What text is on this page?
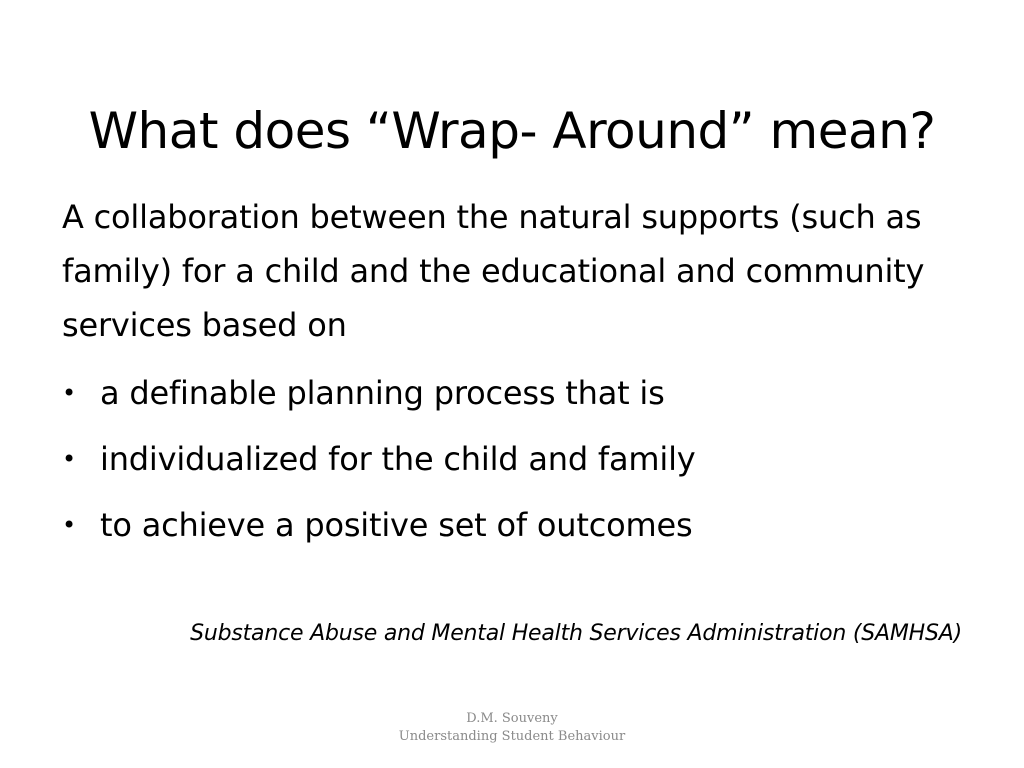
What does “Wrap- Around” mean?

A collaboration between the natural supports (such as family) for a child and the educational and community services based on

• a definable planning process that is
• individualized for the child and family
• to achieve a positive set of outcomes
Substance Abuse and Mental Health Services Administration (SAMHSA)
D.M. Souveny
Understanding Student Behaviour
